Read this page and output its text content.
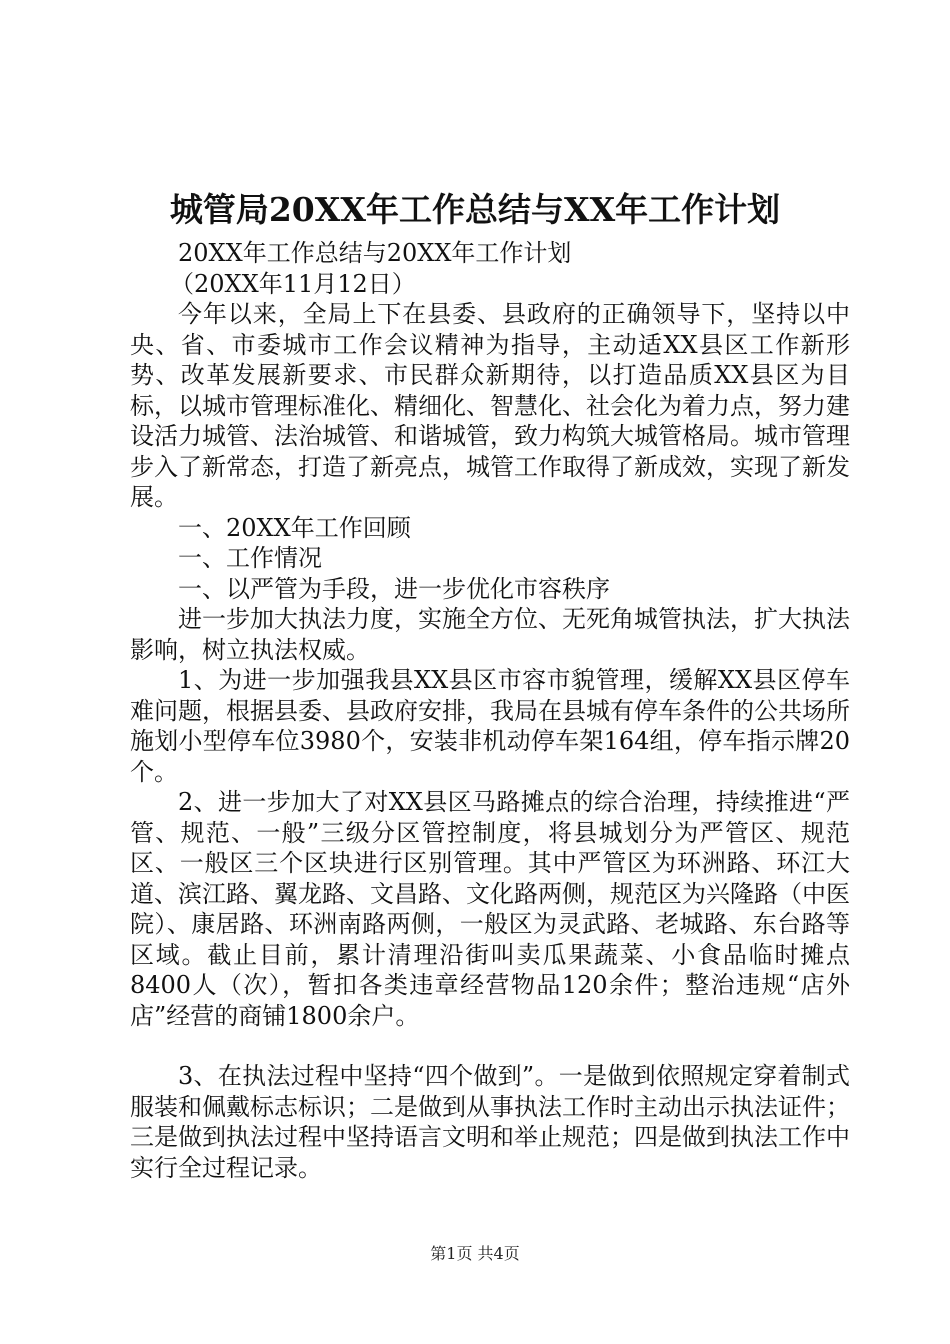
城管局20XX年工作总结与XX年工作计划

20XX年工作总结与20XX年工作计划

（20XX年11月12日）

今年以来，全局上下在县委、县政府的正确领导下，坚持以中央、省、市委城市工作会议精神为指导，主动适XX县区工作新形势、改革发展新要求、市民群众新期待，以打造品质XX县区为目标，以城市管理标准化、精细化、智慧化、社会化为着力点，努力建设活力城管、法治城管、和谐城管，致力构筑大城管格局。城市管理步入了新常态，打造了新亮点，城管工作取得了新成效，实现了新发展。

一、20XX年工作回顾

一、工作情况

一、以严管为手段，进一步优化市容秩序

进一步加大执法力度，实施全方位、无死角城管执法，扩大执法影响，树立执法权威。

1、为进一步加强我县XX县区市容市貌管理，缓解XX县区停车难问题，根据县委、县政府安排，我局在县城有停车条件的公共场所施划小型停车位3980个，安装非机动停车架164组，停车指示牌20个。

2、进一步加大了对XX县区马路摊点的综合治理，持续推进“严管、规范、一般”三级分区管控制度，将县城划分为严管区、规范区、一般区三个区块进行区别管理。其中严管区为环洲路、环江大道、滨江路、翼龙路、文昌路、文化路两侧，规范区为兴隆路（中医院）、康居路、环洲南路两侧，一般区为灵武路、老城路、东台路等区域。截止目前，累计清理沿街叫卖瓜果蔬菜、小食品临时摊点8400人（次），暂扣各类违章经营物品120余件；整治违规“店外店”经营的商铺1800余户。

3、在执法过程中坚持“四个做到”。一是做到依照规定穿着制式服装和佩戴标志标识；二是做到从事执法工作时主动出示执法证件；三是做到执法过程中坚持语言文明和举止规范；四是做到执法工作中实行全过程记录。

第1页 共4页
